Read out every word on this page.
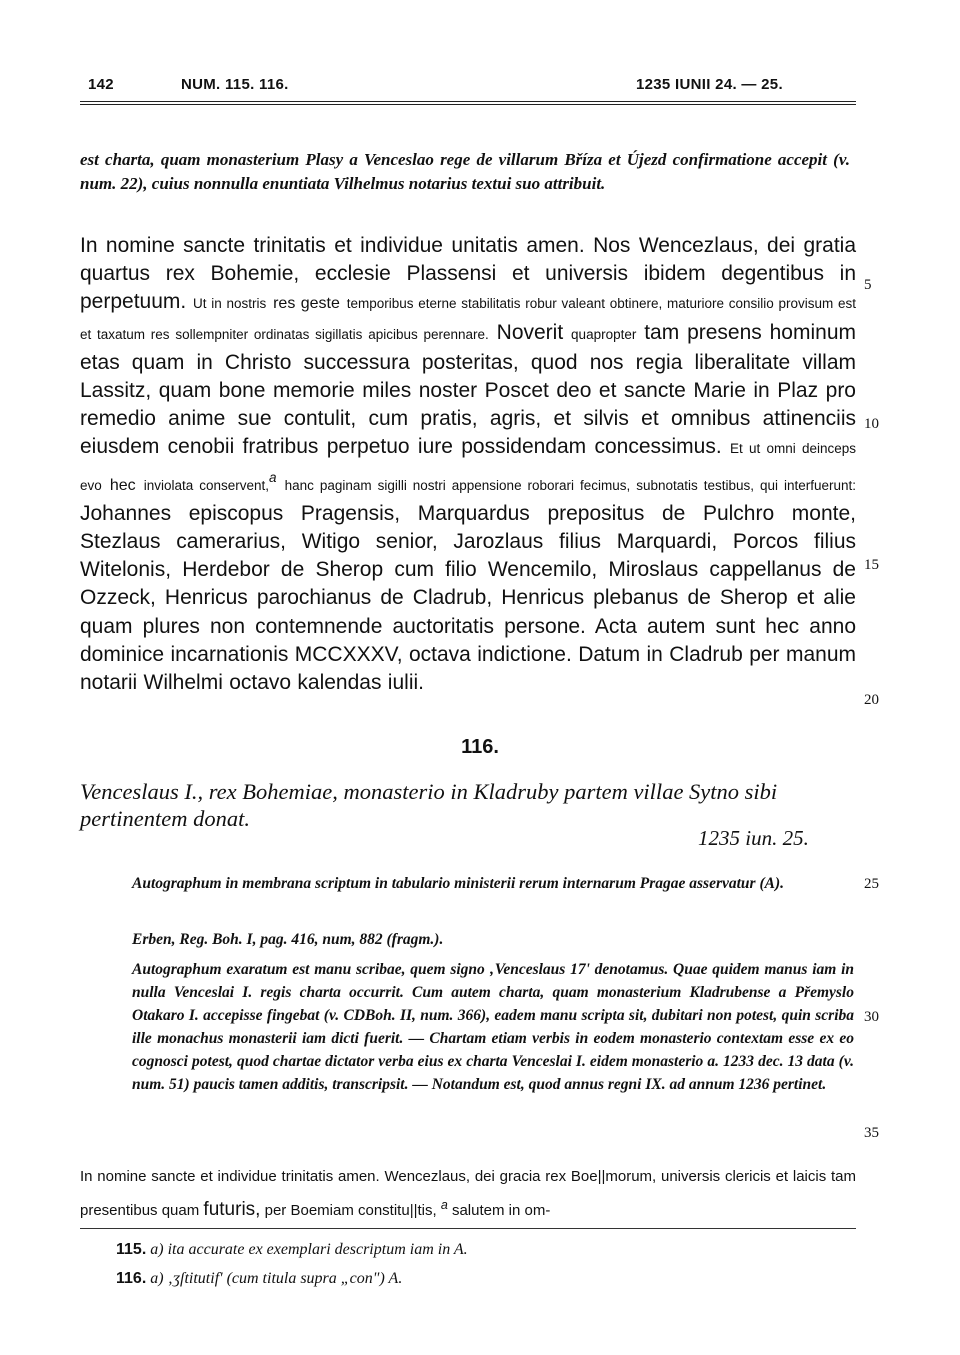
142	NUM. 115. 116.	1235 IUNII 24. — 25.

est charta, quam monasterium Plasy a Venceslao rege de villarum Bříza et Újezd confirmatione accepit (v. num. 22), cuius nonnulla enuntiata Vilhelmus notarius textui suo attribuit.

In nomine sancte trinitatis et individue unitatis amen. Nos Wencezlaus, dei gratia quartus rex Bohemie, ecclesie Plassensi et universis ibidem degentibus in perpetuum. Ut in nostris res geste temporibus eterne stabilitatis robur valeant obtinere, maturiore consilio provisum est et taxatum res sollempniter ordinatas sigillatis apicibus perennare. Noverit quapropter tam presens hominum etas quam in Christo successura posteritas, quod nos regia liberalitate villam Lassitz, quam bone memorie miles noster Poscet deo et sancte Marie in Plaz pro remedio anime sue contulit, cum pratis, agris, et silvis et omnibus attinenciis eiusdem cenobii fratribus perpetuo iure possidendam concessimus. Et ut omni deinceps evo hec inviolata conservent,$^a$ hanc paginam sigilli nostri appensione roborari fecimus, subnotatis testibus, qui interfuerunt: Johannes episcopus Pragensis, Marquardus prepositus de Pulchro monte, Stezlaus camerarius, Witigo senior, Jarozlaus filius Marquardi, Porcos filius Witelonis, Herdebor de Sherop cum filio Wencemilo, Miroslaus cappellanus de Ozzeck, Henricus parochianus de Cladrub, Henricus plebanus de Sherop et alie quam plures non contemnende auctoritatis persone. Acta autem sunt hec anno dominice incarnationis MCCXXXV, octava indictione. Datum in Cladrub per manum notarii Wilhelmi octavo kalendas iulii.

5
10
15
20
116.

Venceslaus I., rex Bohemiae, monasterio in Kladruby partem villae Sytno sibi pertinentem donat.

1235 iun. 25.

Autographum in membrana scriptum in tabulario ministerii rerum internarum Pragae asservatur (A).

Erben, Reg. Boh. I, pag. 416, num, 882 (fragm.).

Autographum exaratum est manu scribae, quem signo ‚Venceslaus 17' denotamus. Quae quidem manus iam in nulla Venceslai I. regis charta occurrit. Cum autem charta, quam monasterium Kladrubense a Přemyslo Otakaro I. accepisse fingebat (v. CDBoh. II, num. 366), eadem manu scripta sit, dubitari non potest, quin scriba ille monachus monasterii iam dicti fuerit. — Chartam etiam verbis in eodem monasterio contextam esse ex eo cognosci potest, quod chartae dictator verba eius ex charta Venceslai I. eidem monasterio a. 1233 dec. 13 data (v. num. 51) paucis tamen additis, transcripsit. — Notandum est, quod annus regni IX. ad annum 1236 pertinet.

25
30
35

In nomine sancte et individue trinitatis amen. Wencezlaus, dei gracia rex Boe||morum, universis clericis et laicis tam presentibus quam futuris, per Boemiam constitu||tis, $^a$ salutem in om-

115. a) ita accurate ex exemplari descriptum iam in A.
116. a) ‚ʒſtitutif' (cum titula supra „con") A.
